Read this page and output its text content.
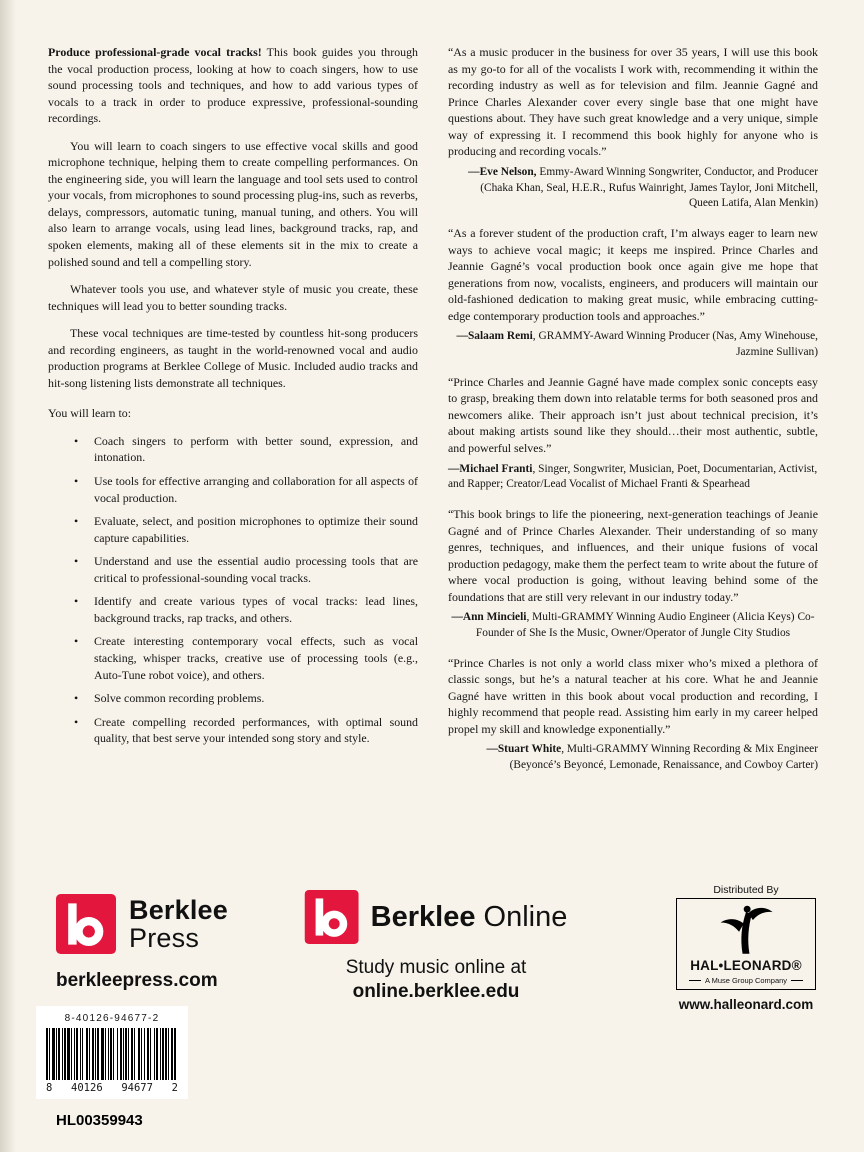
Produce professional-grade vocal tracks! This book guides you through the vocal production process, looking at how to coach singers, how to use sound processing tools and techniques, and how to add various types of vocals to a track in order to produce expressive, professional-sounding recordings.

You will learn to coach singers to use effective vocal skills and good microphone technique, helping them to create compelling performances. On the engineering side, you will learn the language and tool sets used to control your vocals, from microphones to sound processing plug-ins, such as reverbs, delays, compressors, automatic tuning, manual tuning, and others. You will also learn to arrange vocals, using lead lines, background tracks, rap, and spoken elements, making all of these elements sit in the mix to create a polished sound and tell a compelling story.

Whatever tools you use, and whatever style of music you create, these techniques will lead you to better sounding tracks.

These vocal techniques are time-tested by countless hit-song producers and recording engineers, as taught in the world-renowned vocal and audio production programs at Berklee College of Music. Included audio tracks and hit-song listening lists demonstrate all techniques.

You will learn to:

• Coach singers to perform with better sound, expression, and intonation.
• Use tools for effective arranging and collaboration for all aspects of vocal production.
• Evaluate, select, and position microphones to optimize their sound capture capabilities.
• Understand and use the essential audio processing tools that are critical to professional-sounding vocal tracks.
• Identify and create various types of vocal tracks: lead lines, background tracks, rap tracks, and others.
• Create interesting contemporary vocal effects, such as vocal stacking, whisper tracks, creative use of processing tools (e.g., Auto-Tune robot voice), and others.
• Solve common recording problems.
• Create compelling recorded performances, with optimal sound quality, that best serve your intended song story and style.

“As a music producer in the business for over 35 years, I will use this book as my go-to for all of the vocalists I work with, recommending it within the recording industry as well as for television and film. Jeannie Gagné and Prince Charles Alexander cover every single base that one might have questions about. They have such great knowledge and a very unique, simple way of expressing it. I recommend this book highly for anyone who is producing and recording vocals.”

—Eve Nelson, Emmy-Award Winning Songwriter, Conductor, and Producer (Chaka Khan, Seal, H.E.R., Rufus Wainright, James Taylor, Joni Mitchell, Queen Latifa, Alan Menkin)

“As a forever student of the production craft, I’m always eager to learn new ways to achieve vocal magic; it keeps me inspired. Prince Charles and Jeannie Gagné’s vocal production book once again give me hope that generations from now, vocalists, engineers, and producers will maintain our old-fashioned dedication to making great music, while embracing cutting-edge contemporary production tools and approaches.”

—Salaam Remi, GRAMMY-Award Winning Producer (Nas, Amy Winehouse, Jazmine Sullivan)

“Prince Charles and Jeannie Gagné have made complex sonic concepts easy to grasp, breaking them down into relatable terms for both seasoned pros and newcomers alike. Their approach isn’t just about technical precision, it’s about making artists sound like they should…their most authentic, subtle, and powerful selves.”

—Michael Franti, Singer, Songwriter, Musician, Poet, Documentarian, Activist, and Rapper; Creator/Lead Vocalist of Michael Franti & Spearhead

“This book brings to life the pioneering, next-generation teachings of Jeanie Gagné and of Prince Charles Alexander. Their understanding of so many genres, techniques, and influences, and their unique fusions of vocal production pedagogy, make them the perfect team to write about the future of where vocal production is going, without leaving behind some of the foundations that are still very relevant in our industry today.”

—Ann Mincieli, Multi-GRAMMY Winning Audio Engineer (Alicia Keys) Co-Founder of She Is the Music, Owner/Operator of Jungle City Studios

“Prince Charles is not only a world class mixer who’s mixed a plethora of classic songs, but he’s a natural teacher at his core. What he and Jeannie Gagné have written in this book about vocal production and recording, I highly recommend that people read. Assisting him early in my career helped propel my skill and knowledge exponentially.”

—Stuart White, Multi-GRAMMY Winning Recording & Mix Engineer (Beyoncé’s Beyoncé, Lemonade, Renaissance, and Cowboy Carter)

Berklee
Press
berkleepress.com
Berklee Online
Study music online at
online.berklee.edu
Distributed By
HAL•LEONARD®
A Muse Group Company
www.halleonard.com
8-40126-94677-2
8 40126 94677 2
HL00359943
